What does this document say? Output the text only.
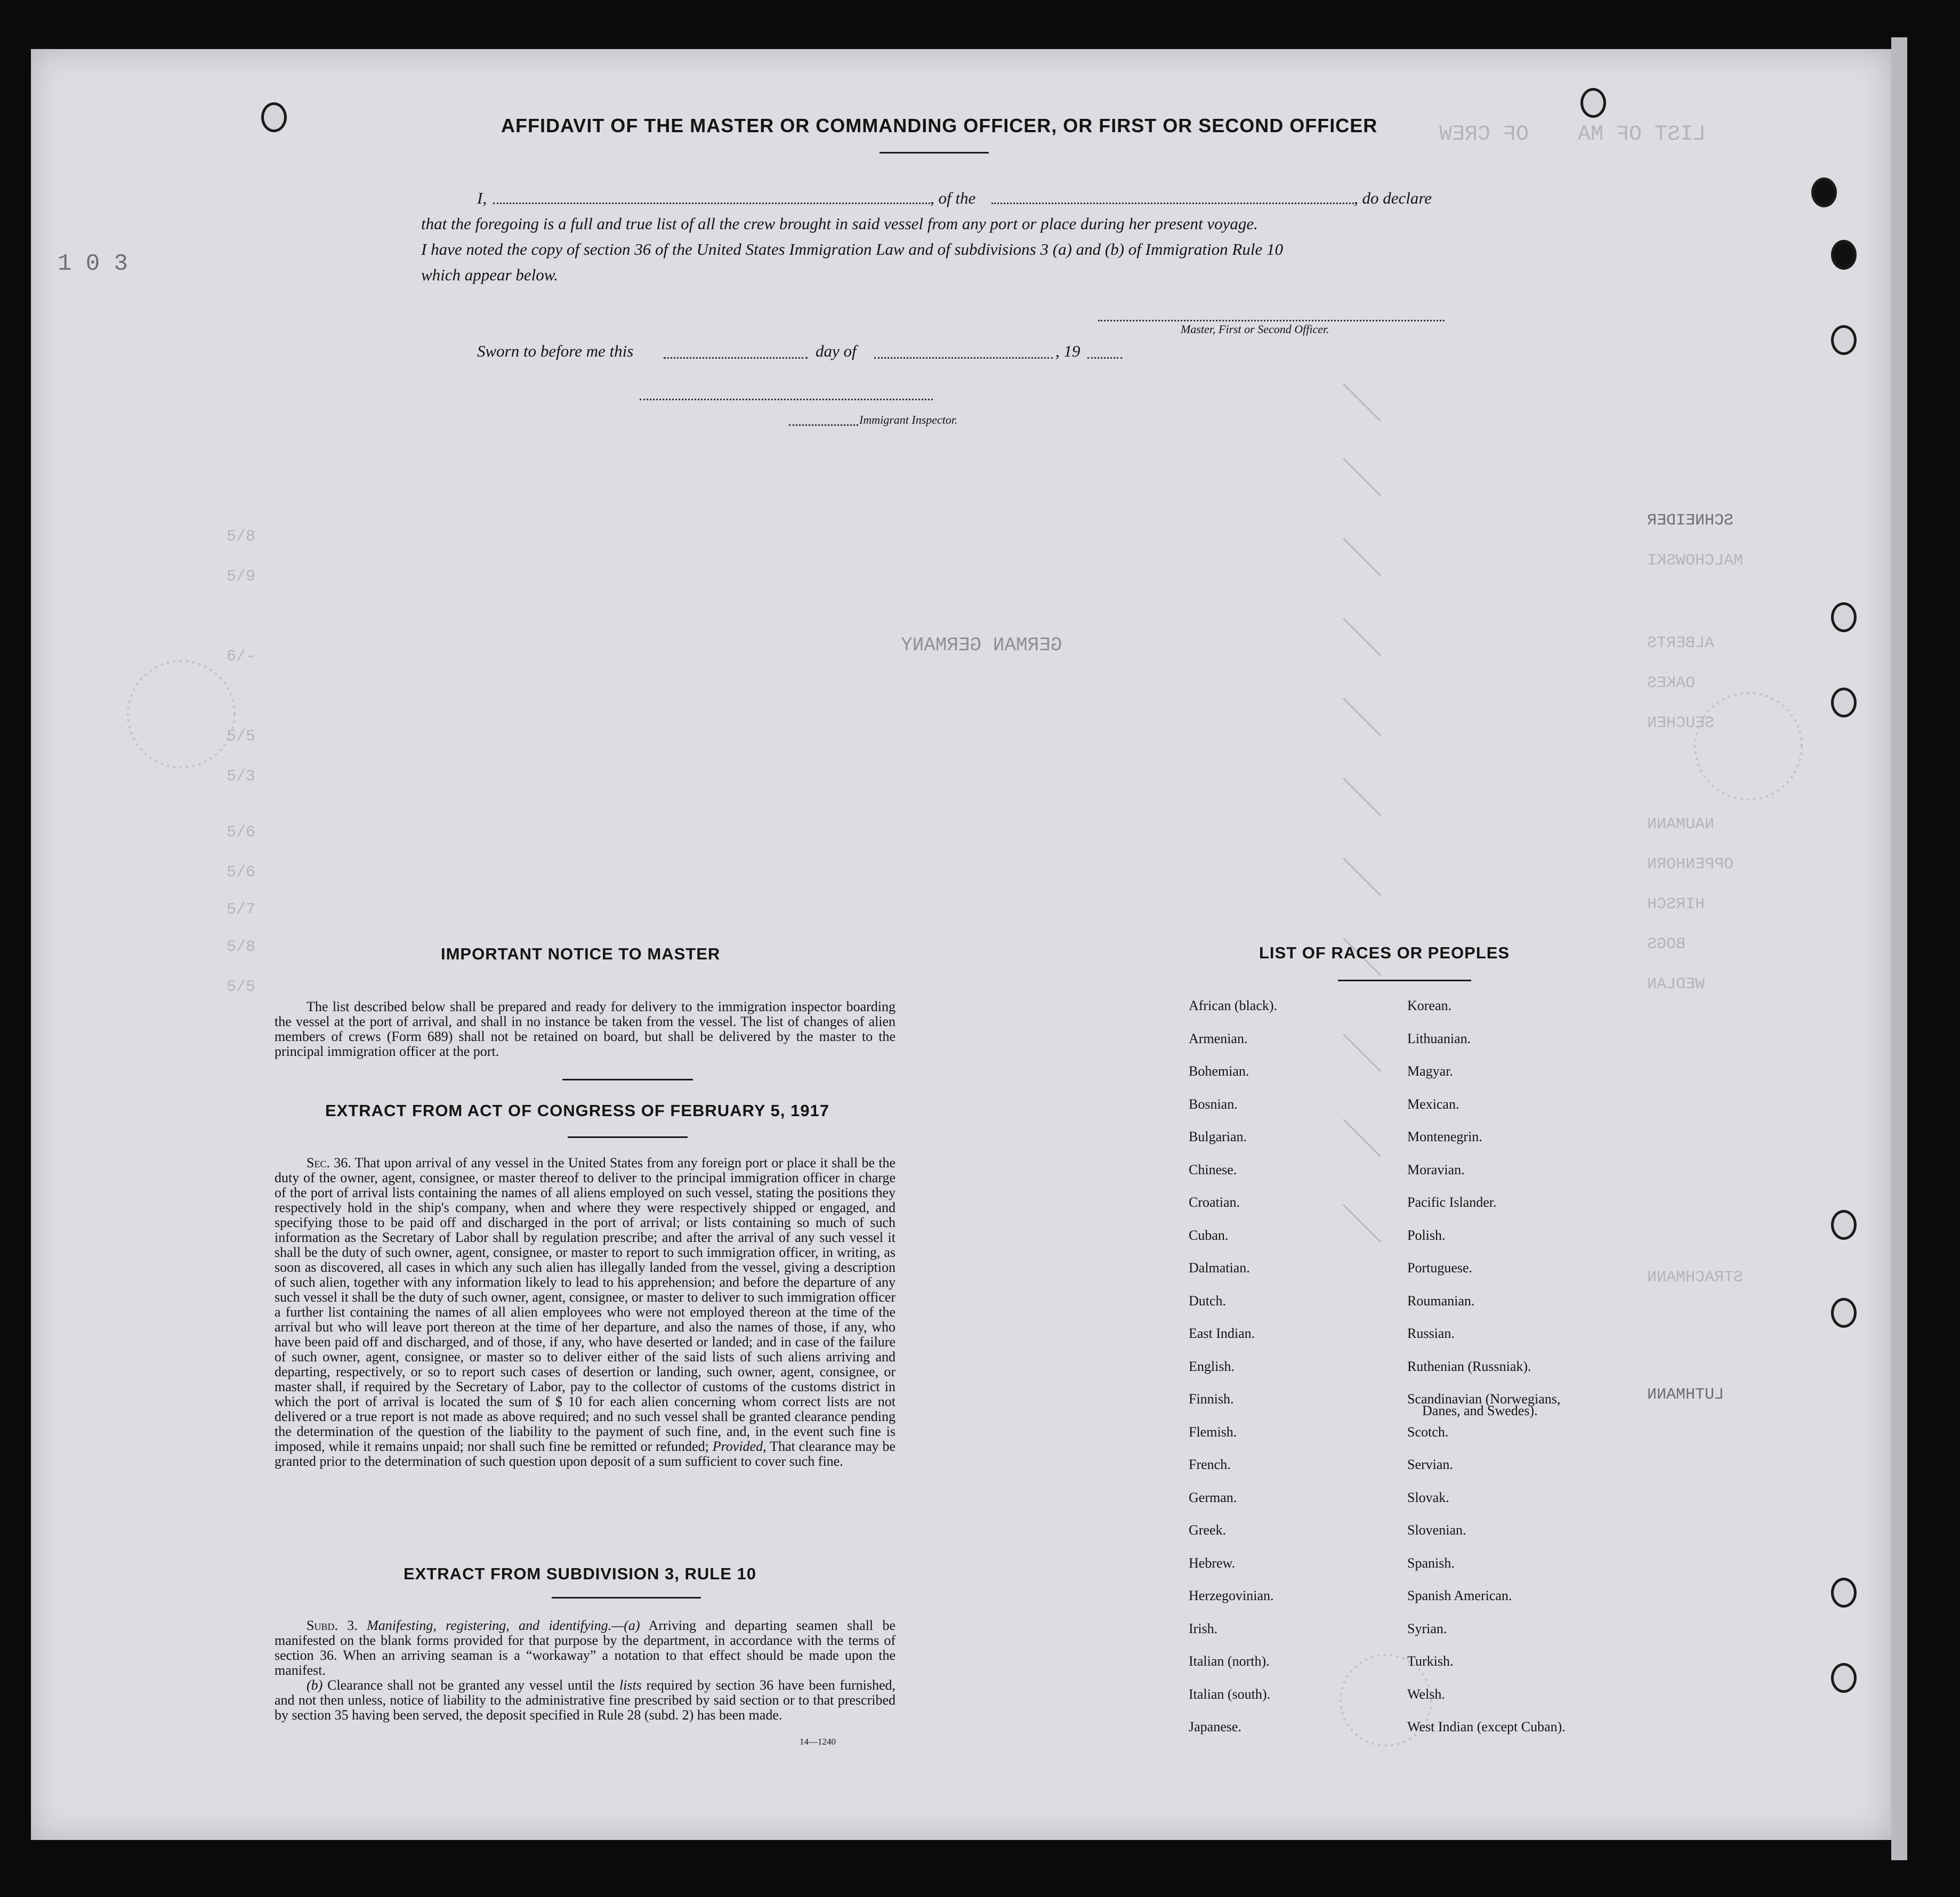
1 0 3
LIST OF MA
OF CREW
GERMAN GERMANY
5/8
5/9
6/-
5/5
5/3
5/6
5/7
5/8
5/5
5/6
SCHNEIDER
MALCHOWSKI
ALBERTS
OAKES
SEUCHEN
NAUMANN
OPPENHORN
HIRSCH
BOGS
WEDLAN
STRACHMANN
LUTHMANN
AFFIDAVIT OF THE MASTER OR COMMANDING OFFICER, OR FIRST OR SECOND OFFICER
I,	, of the	, do declare
that the foregoing is a full and true list of all the crew brought in said vessel from any port or place during her present voyage.
I have noted the copy of section 36 of the United States Immigration Law and of subdivisions 3 (a) and (b) of Immigration Rule 10
which appear below.
Master, First or Second Officer.
Sworn to before me this	day of	, 19
Immigrant Inspector.
IMPORTANT NOTICE TO MASTER

The list described below shall be prepared and ready for delivery to the immigration inspector boarding the vessel at the port of arrival, and shall in no instance be taken from the vessel. The list of changes of alien members of crews (Form 689) shall not be retained on board, but shall be delivered by the master to the principal immigration officer at the port.

EXTRACT FROM ACT OF CONGRESS OF FEBRUARY 5, 1917

Sec. 36. That upon arrival of any vessel in the United States from any foreign port or place it shall be the duty of the owner, agent, consignee, or master thereof to deliver to the principal immigration officer in charge of the port of arrival lists containing the names of all aliens employed on such vessel, stating the positions they respectively hold in the ship's company, when and where they were respectively shipped or engaged, and specifying those to be paid off and discharged in the port of arrival; or lists containing so much of such information as the Secretary of Labor shall by regulation prescribe; and after the arrival of any such vessel it shall be the duty of such owner, agent, consignee, or master to report to such immigration officer, in writing, as soon as discovered, all cases in which any such alien has illegally landed from the vessel, giving a description of such alien, together with any information likely to lead to his apprehension; and before the departure of any such vessel it shall be the duty of such owner, agent, consignee, or master to deliver to such immigration officer a further list containing the names of all alien employees who were not employed thereon at the time of the arrival but who will leave port thereon at the time of her departure, and also the names of those, if any, who have been paid off and discharged, and of those, if any, who have deserted or landed; and in case of the failure of such owner, agent, consignee, or master so to deliver either of the said lists of such aliens arriving and departing, respectively, or so to report such cases of desertion or landing, such owner, agent, consignee, or master shall, if required by the Secretary of Labor, pay to the collector of customs of the customs district in which the port of arrival is located the sum of $ 10 for each alien concerning whom correct lists are not delivered or a true report is not made as above required; and no such vessel shall be granted clearance pending the determination of the question of the liability to the payment of such fine, and, in the event such fine is imposed, while it remains unpaid; nor shall such fine be remitted or refunded; Provided, That clearance may be granted prior to the determination of such question upon deposit of a sum sufficient to cover such fine.

EXTRACT FROM SUBDIVISION 3, RULE 10

Subd. 3. Manifesting, registering, and identifying.—(a) Arriving and departing seamen shall be manifested on the blank forms provided for that purpose by the department, in accordance with the terms of section 36. When an arriving seaman is a “workaway” a notation to that effect should be made upon the manifest.

(b) Clearance shall not be granted any vessel until the lists required by section 36 have been furnished, and not then unless, notice of liability to the administrative fine prescribed by said section or to that prescribed by section 35 having been served, the deposit specified in Rule 28 (subd. 2) has been made.

14—1240
LIST OF RACES OR PEOPLES
African (black).
Armenian.
Bohemian.
Bosnian.
Bulgarian.
Chinese.
Croatian.
Cuban.
Dalmatian.
Dutch.
East Indian.
English.
Finnish.
Flemish.
French.
German.
Greek.
Hebrew.
Herzegovinian.
Irish.
Italian (north).
Italian (south).
Japanese.
Korean.
Lithuanian.
Magyar.
Mexican.
Montenegrin.
Moravian.
Pacific Islander.
Polish.
Portuguese.
Roumanian.
Russian.
Ruthenian (Russniak).
Scandinavian (Norwegians,
Scotch.
Servian.
Slovak.
Slovenian.
Spanish.
Spanish American.
Syrian.
Turkish.
Welsh.
West Indian (except Cuban).
Danes, and Swedes).
